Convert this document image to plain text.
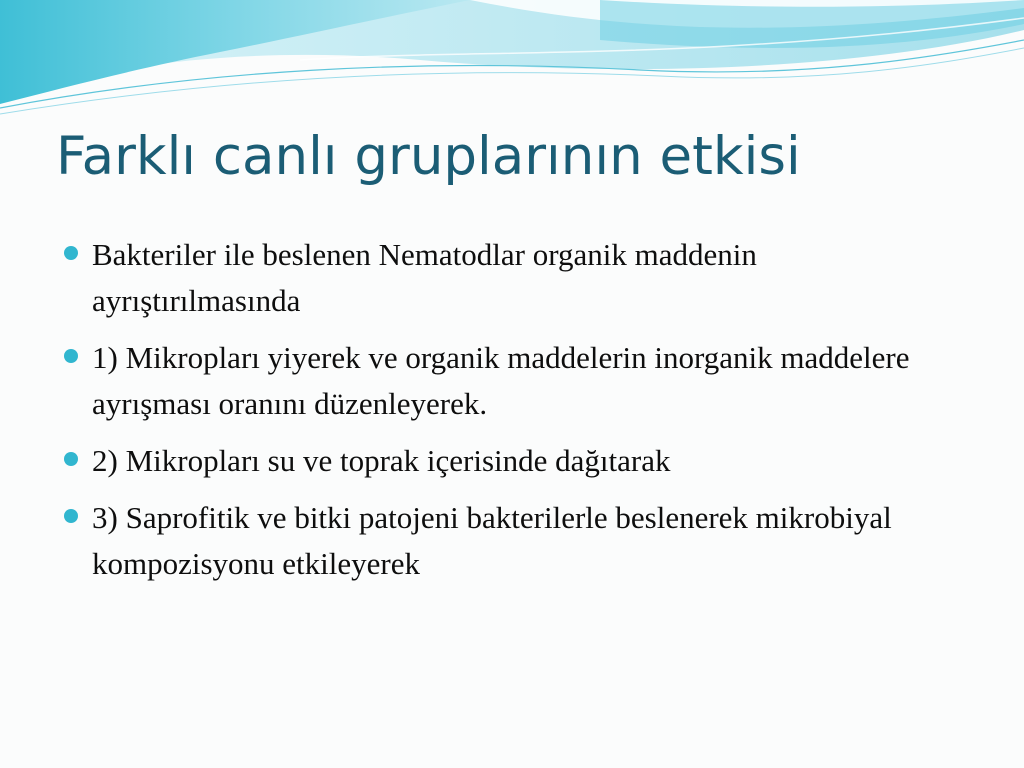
Farklı canlı gruplarının etkisi
Bakteriler ile beslenen Nematodlar organik maddenin ayrıştırılmasında
1) Mikropları yiyerek ve organik maddelerin inorganik maddelere ayrışması oranını düzenleyerek.
2) Mikropları su ve toprak içerisinde dağıtarak
3) Saprofitik ve bitki patojeni bakterilerle beslenerek mikrobiyal kompozisyonu etkileyerek
